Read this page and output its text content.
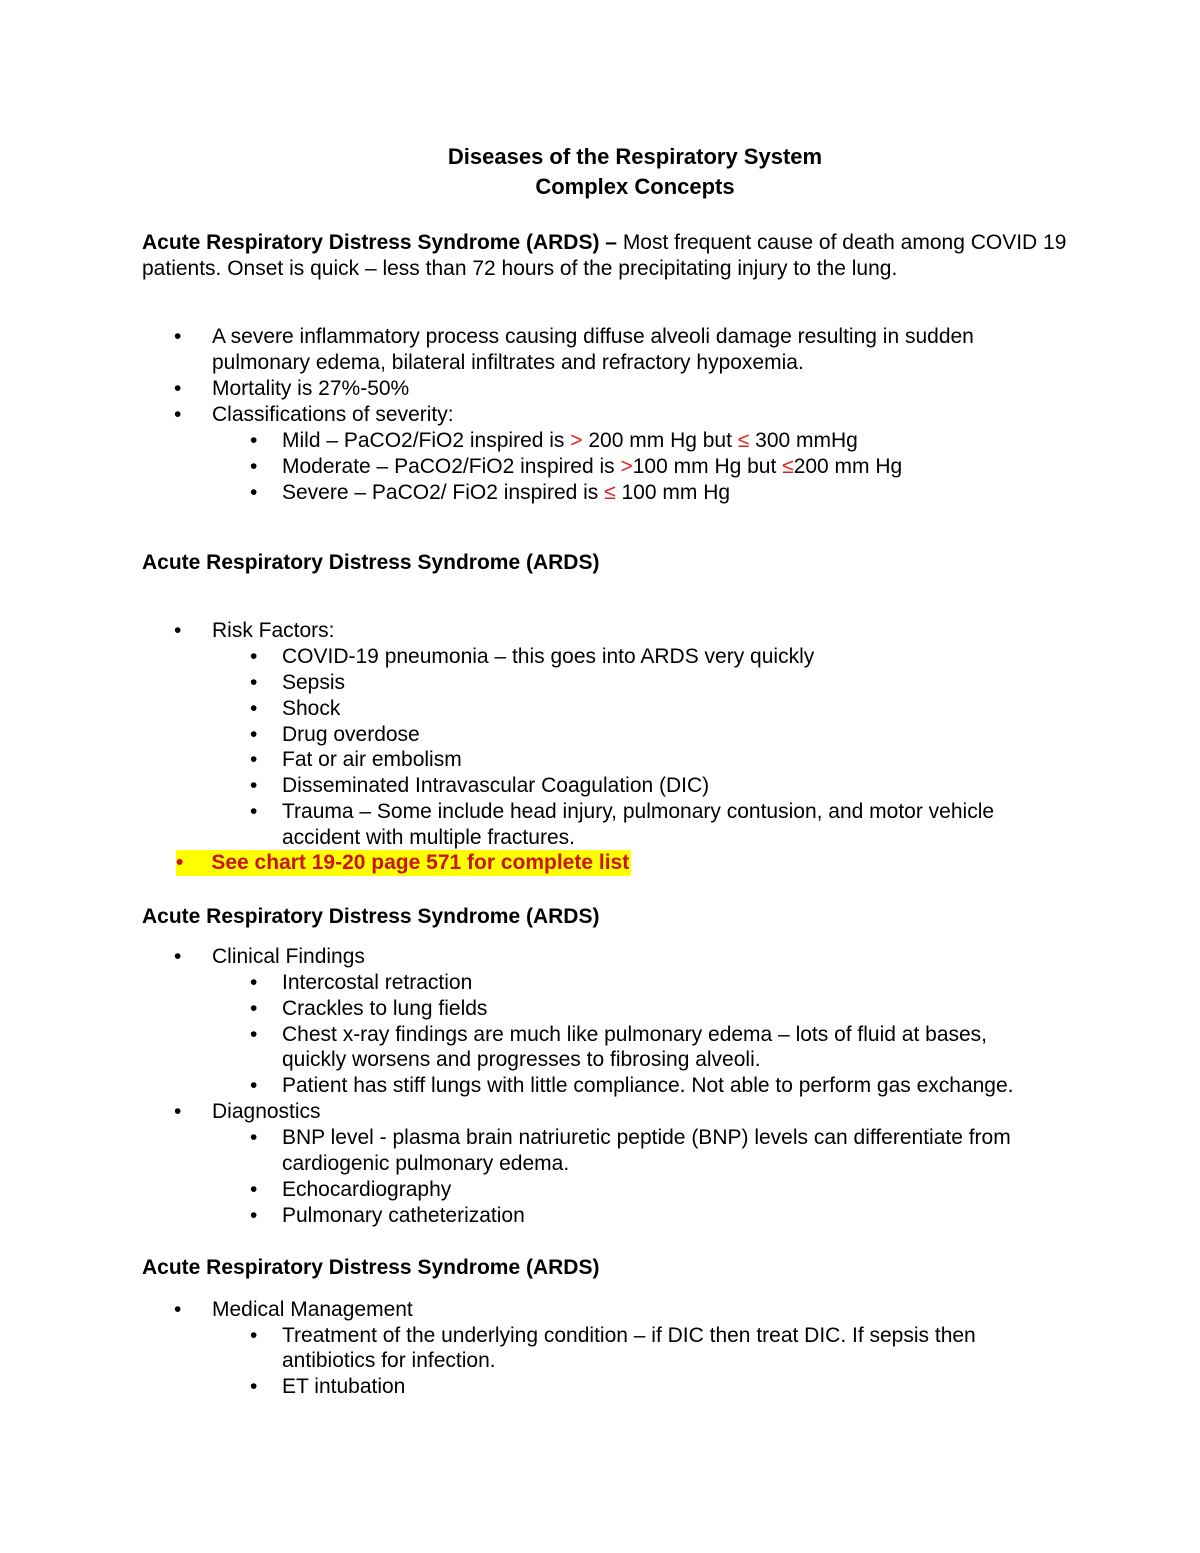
Diseases of the Respiratory System
Complex Concepts
Acute Respiratory Distress Syndrome (ARDS) – Most frequent cause of death among COVID 19
patients. Onset is quick – less than 72 hours of the precipitating injury to the lung.
• A severe inflammatory process causing diffuse alveoli damage resulting in sudden
pulmonary edema, bilateral infiltrates and refractory hypoxemia.
• Mortality is 27%-50%
• Classifications of severity:
• Mild – PaCO2/FiO2 inspired is > 200 mm Hg but ≤ 300 mmHg
• Moderate – PaCO2/FiO2 inspired is >100 mm Hg but ≤200 mm Hg
• Severe – PaCO2/ FiO2 inspired is ≤ 100 mm Hg
Acute Respiratory Distress Syndrome (ARDS)
• Risk Factors:
• COVID-19 pneumonia – this goes into ARDS very quickly
• Sepsis
• Shock
• Drug overdose
• Fat or air embolism
• Disseminated Intravascular Coagulation (DIC)
• Trauma – Some include head injury, pulmonary contusion, and motor vehicle
accident with multiple fractures.
• See chart 19-20 page 571 for complete list
Acute Respiratory Distress Syndrome (ARDS)
• Clinical Findings
• Intercostal retraction
• Crackles to lung fields
• Chest x-ray findings are much like pulmonary edema – lots of fluid at bases,
quickly worsens and progresses to fibrosing alveoli.
• Patient has stiff lungs with little compliance. Not able to perform gas exchange.
• Diagnostics
• BNP level - plasma brain natriuretic peptide (BNP) levels can differentiate from
cardiogenic pulmonary edema.
• Echocardiography
• Pulmonary catheterization
Acute Respiratory Distress Syndrome (ARDS)
• Medical Management
• Treatment of the underlying condition – if DIC then treat DIC. If sepsis then
antibiotics for infection.
• ET intubation
